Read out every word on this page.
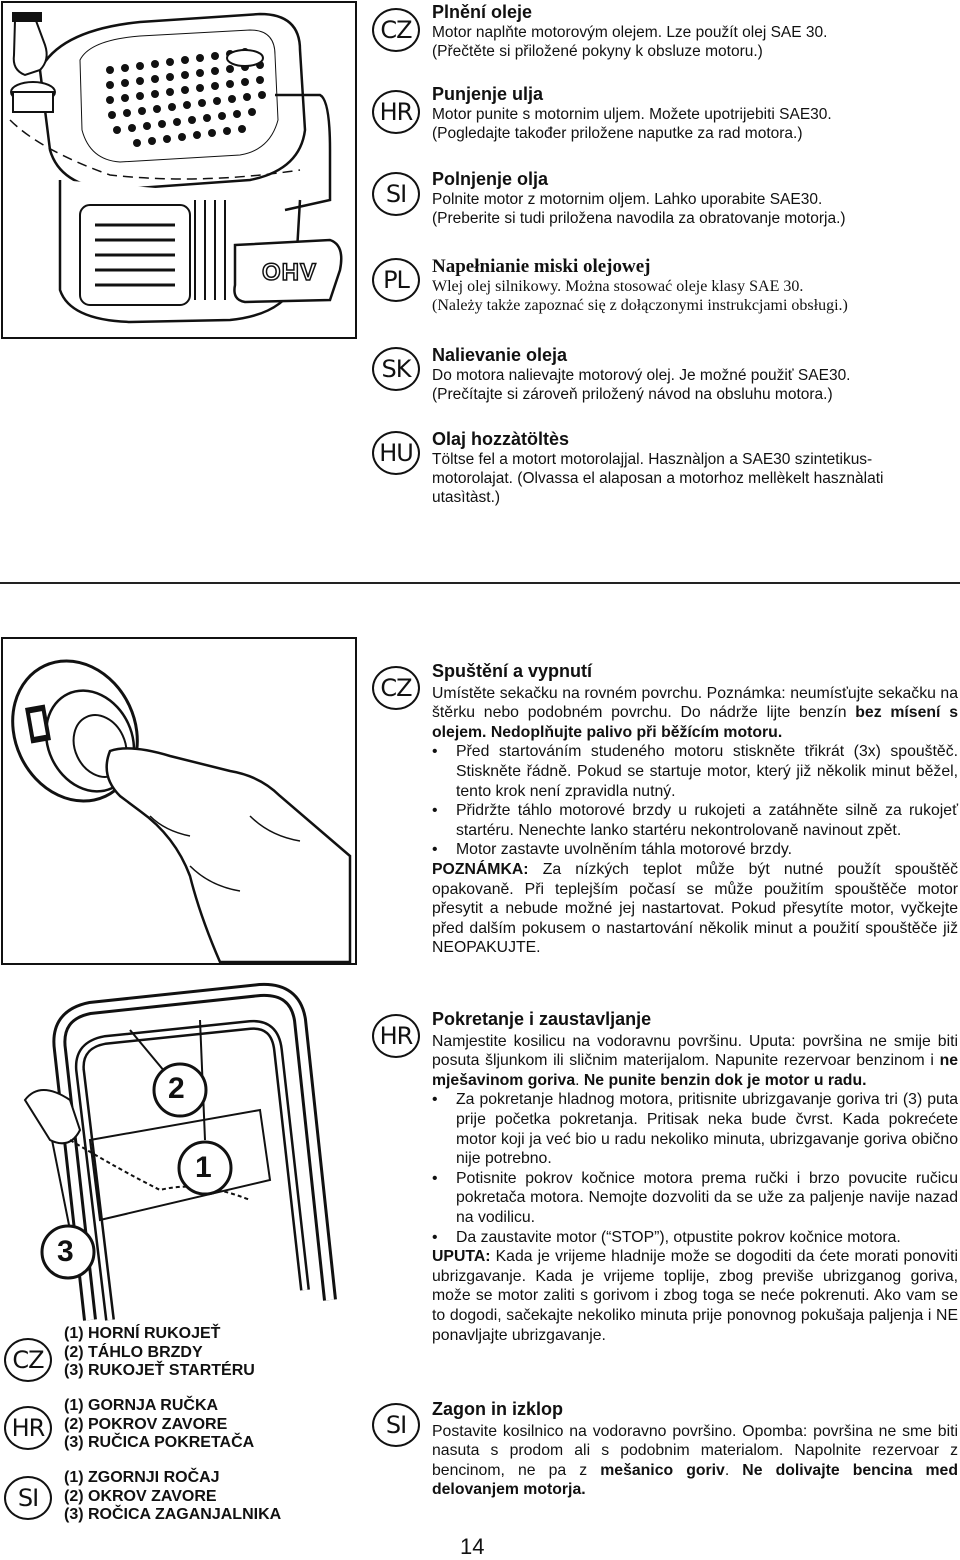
OHV
CZ
HR
SI
PL
SK
HU
Plnění oleje

Motor naplňte motorovým olejem. Lze použít olej SAE 30.

(Přečtěte si přiložené pokyny k obsluze motoru.)

Punjenje ulja

Motor punite s motornim uljem. Možete upotrijebiti SAE30.

(Pogledajte također priložene naputke za rad motora.)

Polnjenje olja

Polnite motor z motornim oljem. Lahko uporabite SAE30.

(Preberite si tudi priložena navodila za obratovanje motorja.)

Napełnianie miski olejowej

Wlej olej silnikowy. Można stosować oleje klasy SAE 30.

(Należy także zapoznać się z dołączonymi instrukcjami obsługi.)

Nalievanie oleja

Do motora nalievajte motorový olej. Je možné použiť SAE30.

(Prečítajte si zároveň priložený návod na obsluhu motora.)

Olaj hozzàtöltès

Töltse fel a motort motorolajjal. Hasznàljon a SAE30 szintetikus-

motorolajat. (Olvassa el alaposan a motorhoz mellèkelt hasznàlati

utasìtàst.)

2
1
3
CZ
HR
SI
Spuštění a vypnutí

Umístěte sekačku na rovném povrchu. Poznámka: neumísťujte sekačku na štěrku nebo podobném povrchu. Do nádrže lijte benzín bez mísení s olejem. Nedoplňujte palivo při běžícím motoru.

• Před startováním studeného motoru stiskněte třikrát (3x) spouštěč. Stiskněte řádně. Pokud se startuje motor, který již několik minut běžel, tento krok není zpravidla nutný.
• Přidržte táhlo motorové brzdy u rukojeti a zatáhněte silně za rukojeť startéru. Nenechte lanko startéru nekontrolovaně navinout zpět.
• Motor zastavte uvolněním táhla motorové brzdy.

POZNÁMKA: Za nízkých teplot může být nutné použít spouštěč opakovaně. Při teplejším počasí se může použitím spouštěče motor přesytit a nebude možné jej nastartovat. Pokud přesytíte motor, vyčkejte před dalším pokusem o nastartování několik minut a použití spouštěče již NEOPAKUJTE.

Pokretanje i zaustavljanje

Namjestite kosilicu na vodoravnu površinu. Uputa: površina ne smije biti posuta šljunkom ili sličnim materijalom. Napunite rezervoar benzinom i ne mješavinom goriva. Ne punite benzin dok je motor u radu.

• Za pokretanje hladnog motora, pritisnite ubrizgavanje goriva tri (3) puta prije početka pokretanja. Pritisak neka bude čvrst. Kada pokrećete motor koji ja već bio u radu nekoliko minuta, ubrizgavanje goriva obično nije potrebno.
• Potisnite pokrov kočnice motora prema ručki i brzo povucite ručicu pokretača motora. Nemojte dozvoliti da se uže za paljenje navije nazad na vodilicu.
• Da zaustavite motor (“STOP”), otpustite pokrov kočnice motora.

UPUTA: Kada je vrijeme hladnije može se dogoditi da ćete morati ponoviti ubrizgavanje. Kada je vrijeme toplije, zbog previše ubrizganog goriva, može se motor zaliti s gorivom i zbog toga se neće pokrenuti. Ako vam se to dogodi, sačekajte nekoliko minuta prije ponovnog pokušaja paljenja i NE ponavljajte ubrizgavanje.

Zagon in izklop

Postavite kosilnico na vodoravno površino. Opomba: površina ne sme biti nasuta s prodom ali s podobnim materialom. Napolnite rezervoar z bencinom, ne pa z mešanico goriv. Ne dolivajte bencina med delovanjem motorja.

CZ
HR
SI
(1) HORNÍ RUKOJEŤ
(2) TÁHLO BRZDY
(3) RUKOJEŤ STARTÉRU
(1) GORNJA RUČKA
(2) POKROV ZAVORE
(3) RUČICA POKRETAČA
(1) ZGORNJI ROČAJ
(2) OKROV ZAVORE
(3) ROČICA ZAGANJALNIKA
14
